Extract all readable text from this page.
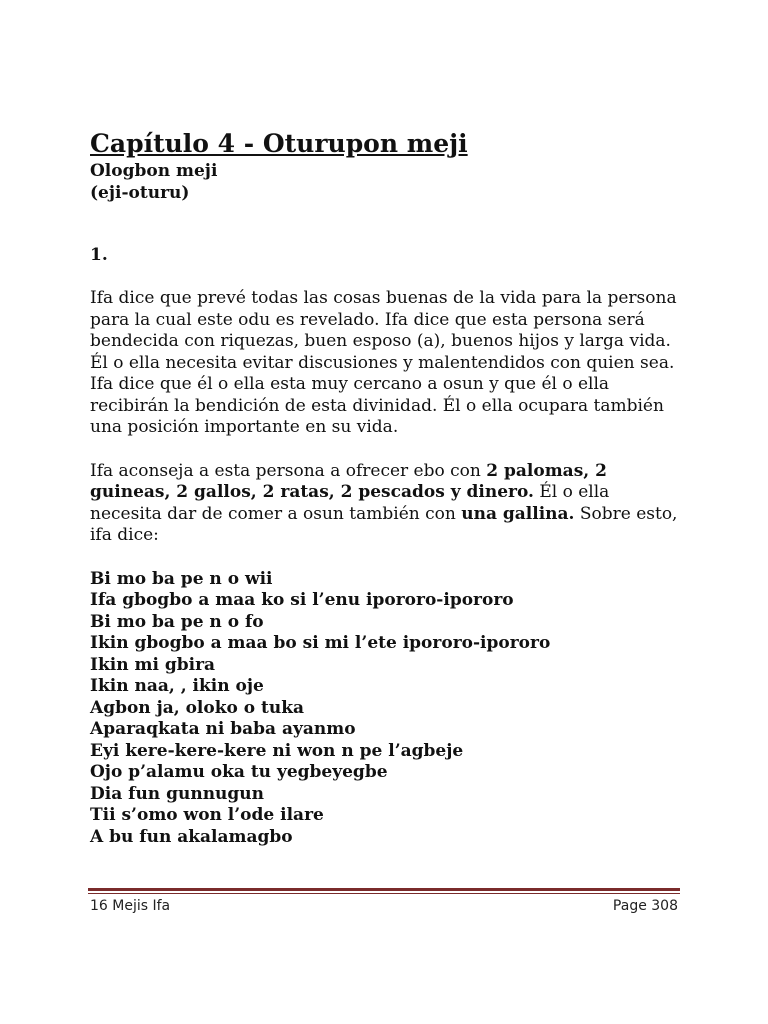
Capítulo 4 - Oturupon meji
Ologbon meji
(eji-oturu)
1.

Ifa dice que prevé todas las cosas buenas de la vida para la persona para la cual este odu es revelado. Ifa dice que esta persona será bendecida con riquezas, buen esposo (a), buenos hijos y larga vida. Él o ella necesita evitar discusiones y malentendidos con quien sea. Ifa dice que él o ella esta muy cercano a osun y que él o ella recibirán la bendición de esta divinidad. Él o ella ocupara también una posición importante en su vida.

Ifa aconseja a esta persona a ofrecer ebo con 2 palomas, 2 guineas, 2 gallos, 2 ratas, 2 pescados y dinero. Él o ella necesita dar de comer a osun también con una gallina. Sobre esto, ifa dice:

Bi mo ba pe n o wii
Ifa gbogbo a maa ko si l’enu ipororo-ipororo
Bi mo ba pe n o fo
Ikin gbogbo a maa bo si mi l’ete ipororo-ipororo
Ikin mi gbira
Ikin naa, , ikin oje
Agbon ja, oloko o tuka
Aparaqkata ni baba ayanmo
Eyi kere-kere-kere ni won n pe l’agbeje
Ojo p’alamu oka tu yegbeyegbe
Dia fun gunnugun
Tii s’omo won l’ode ilare
A bu fun akalamagbo
16 Mejis Ifa	Page 308
